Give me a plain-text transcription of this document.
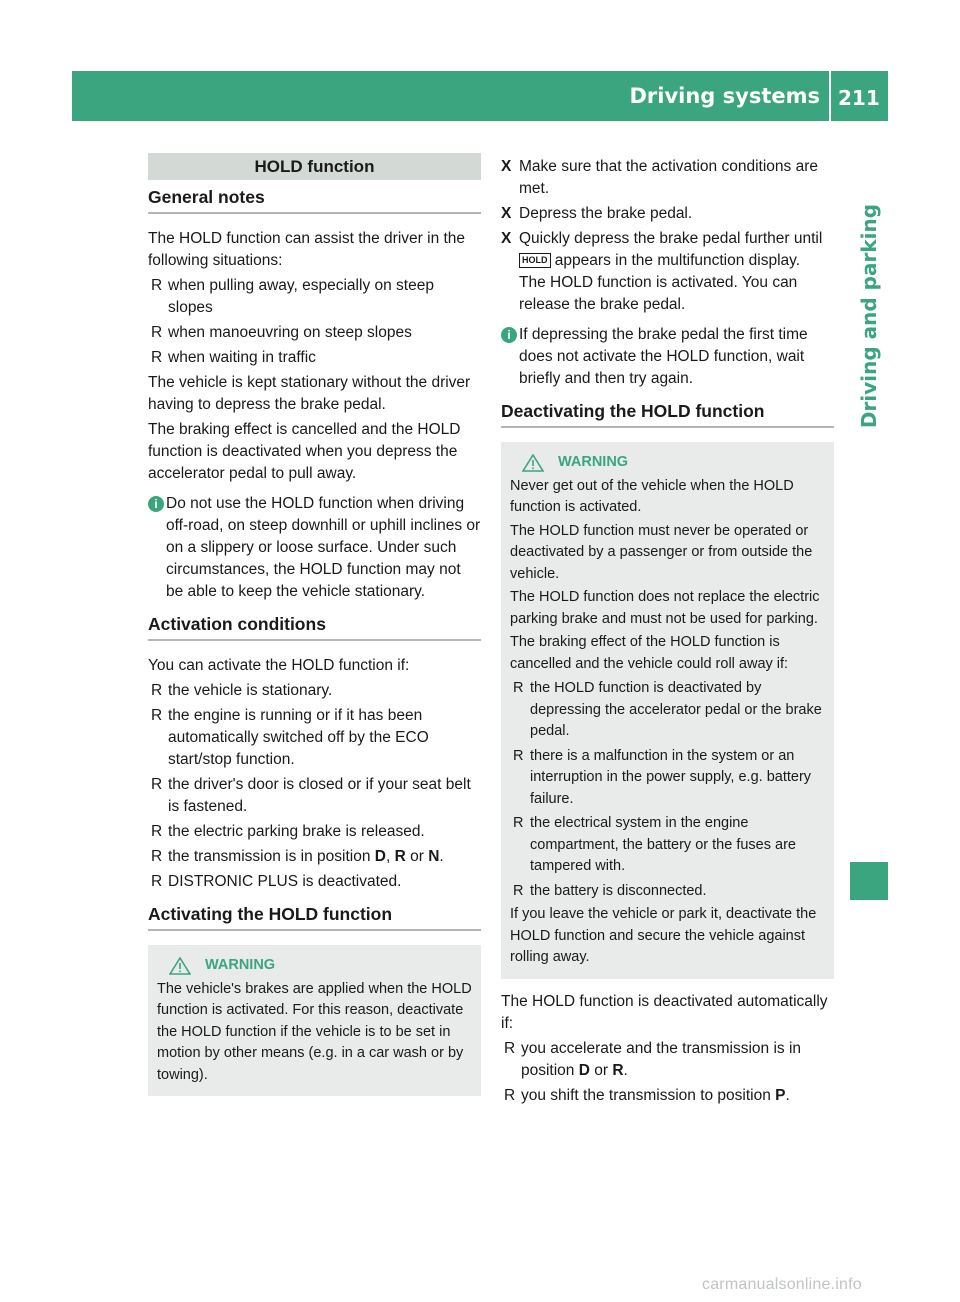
Driving systems 211
Driving and parking
HOLD function
General notes

The HOLD function can assist the driver in the following situations:

R when pulling away, especially on steep slopes
R when manoeuvring on steep slopes
R when waiting in traffic

The vehicle is kept stationary without the driver having to depress the brake pedal.

The braking effect is cancelled and the HOLD function is deactivated when you depress the accelerator pedal to pull away.

i Do not use the HOLD function when driving off-road, on steep downhill or uphill inclines or on a slippery or loose surface. Under such circumstances, the HOLD function may not be able to keep the vehicle stationary.
Activation conditions

You can activate the HOLD function if:

R the vehicle is stationary.
R the engine is running or if it has been automatically switched off by the ECO start/stop function.
R the driver's door is closed or if your seat belt is fastened.
R the electric parking brake is released.
R the transmission is in position D, R or N.
R DISTRONIC PLUS is deactivated.
Activating the HOLD function
WARNING

The vehicle's brakes are applied when the HOLD function is activated. For this reason, deactivate the HOLD function if the vehicle is to be set in motion by other means (e.g. in a car wash or by towing).

X Make sure that the activation conditions are met.
X Depress the brake pedal.
X Quickly depress the brake pedal further until HOLD appears in the multifunction display.
The HOLD function is activated. You can release the brake pedal.
i If depressing the brake pedal the first time does not activate the HOLD function, wait briefly and then try again.
Deactivating the HOLD function
WARNING

Never get out of the vehicle when the HOLD function is activated.

The HOLD function must never be operated or deactivated by a passenger or from outside the vehicle.

The HOLD function does not replace the electric parking brake and must not be used for parking.

The braking effect of the HOLD function is cancelled and the vehicle could roll away if:

R the HOLD function is deactivated by depressing the accelerator pedal or the brake pedal.
R there is a malfunction in the system or an interruption in the power supply, e.g. battery failure.
R the electrical system in the engine compartment, the battery or the fuses are tampered with.
R the battery is disconnected.

If you leave the vehicle or park it, deactivate the HOLD function and secure the vehicle against rolling away.

The HOLD function is deactivated automatically if:

R you accelerate and the transmission is in position D or R.
R you shift the transmission to position P.
carmanualsonline.info
